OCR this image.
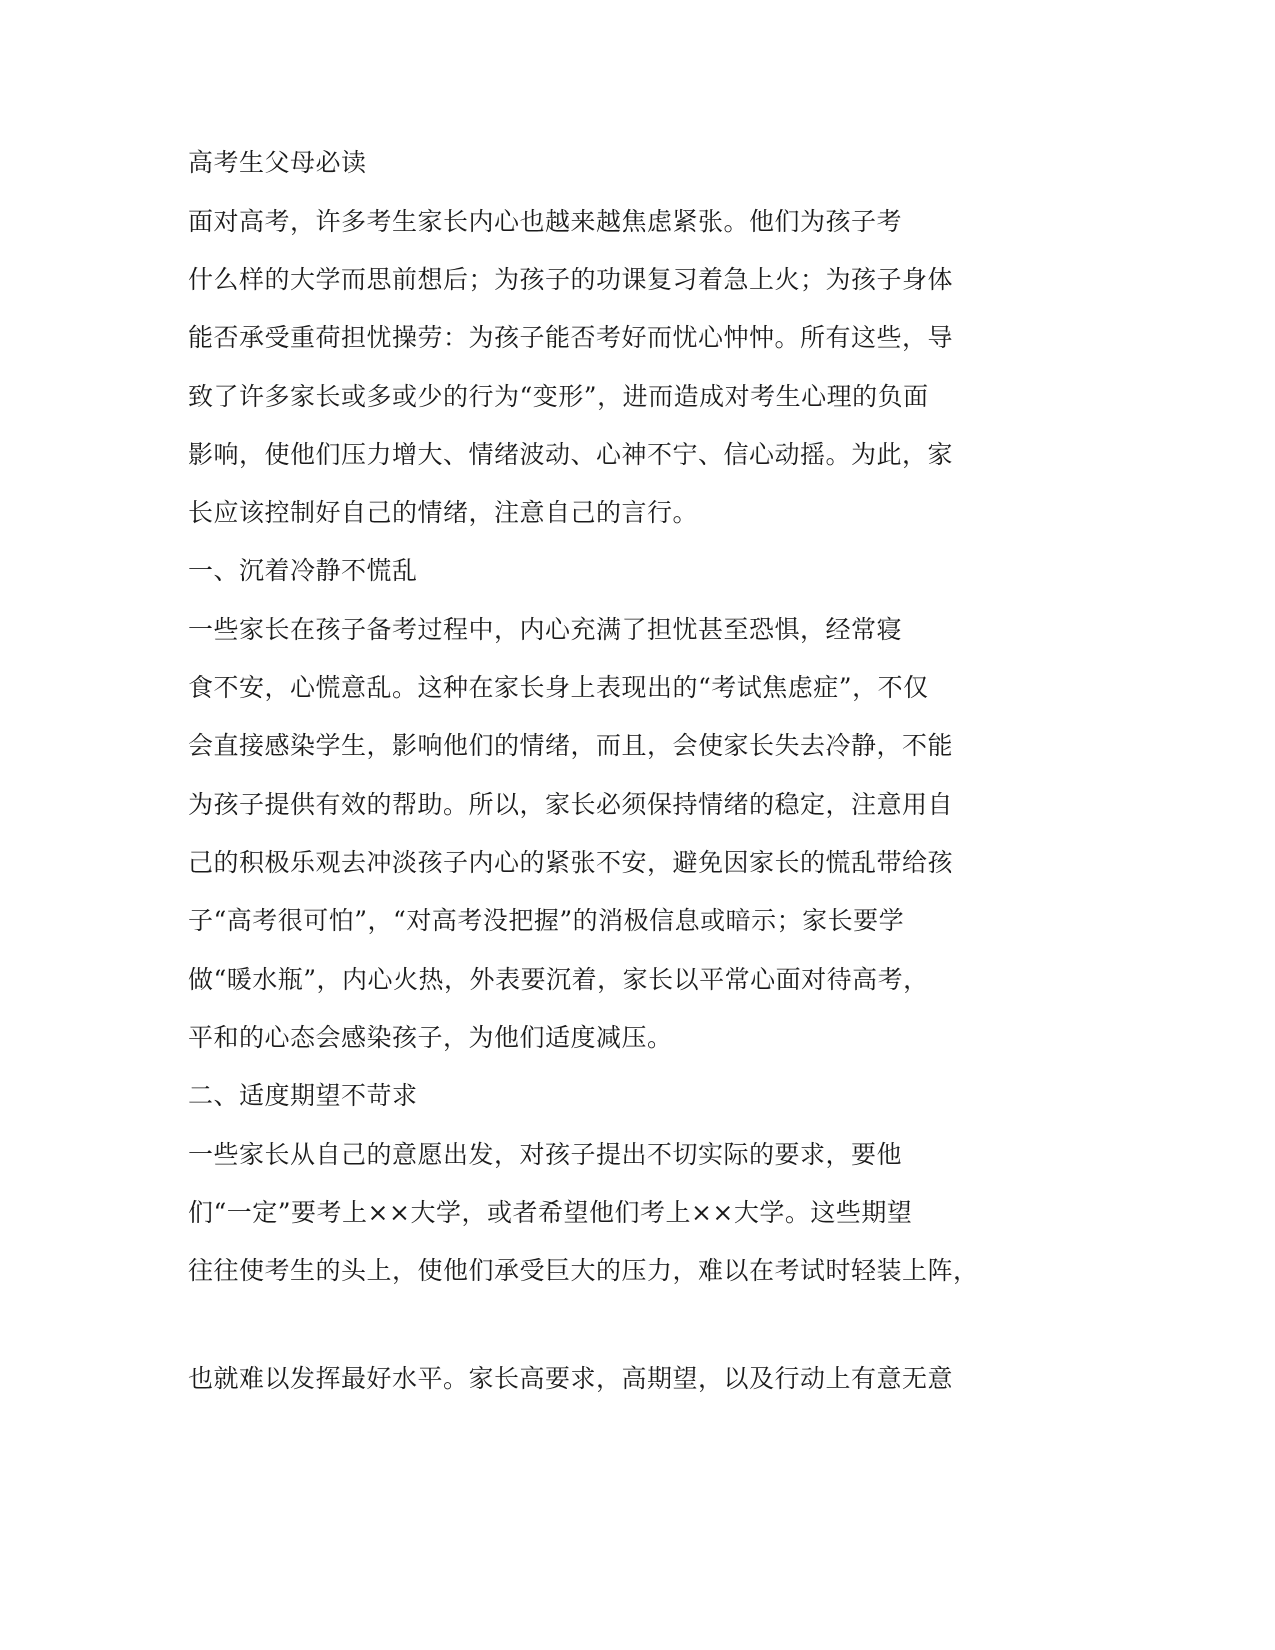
高考生父母必读
面对高考，许多考生家长内心也越来越焦虑紧张。他们为孩子考
什么样的大学而思前想后；为孩子的功课复习着急上火；为孩子身体
能否承受重荷担忧操劳：为孩子能否考好而忧心忡忡。所有这些，导
致了许多家长或多或少的行为“变形”，进而造成对考生心理的负面
影响，使他们压力增大、情绪波动、心神不宁、信心动摇。为此，家
长应该控制好自己的情绪，注意自己的言行。
一、沉着冷静不慌乱
一些家长在孩子备考过程中，内心充满了担忧甚至恐惧，经常寝
食不安，心慌意乱。这种在家长身上表现出的“考试焦虑症”，不仅
会直接感染学生，影响他们的情绪，而且，会使家长失去冷静，不能
为孩子提供有效的帮助。所以，家长必须保持情绪的稳定，注意用自
己的积极乐观去冲淡孩子内心的紧张不安，避免因家长的慌乱带给孩
子“高考很可怕”，“对高考没把握”的消极信息或暗示；家长要学
做“暖水瓶”，内心火热，外表要沉着，家长以平常心面对待高考，
平和的心态会感染孩子，为他们适度减压。
二、适度期望不苛求
一些家长从自己的意愿出发，对孩子提出不切实际的要求，要他
们“一定”要考上××大学，或者希望他们考上××大学。这些期望
往往使考生的头上，使他们承受巨大的压力，难以在考试时轻装上阵，
也就难以发挥最好水平。家长高要求，高期望，以及行动上有意无意
